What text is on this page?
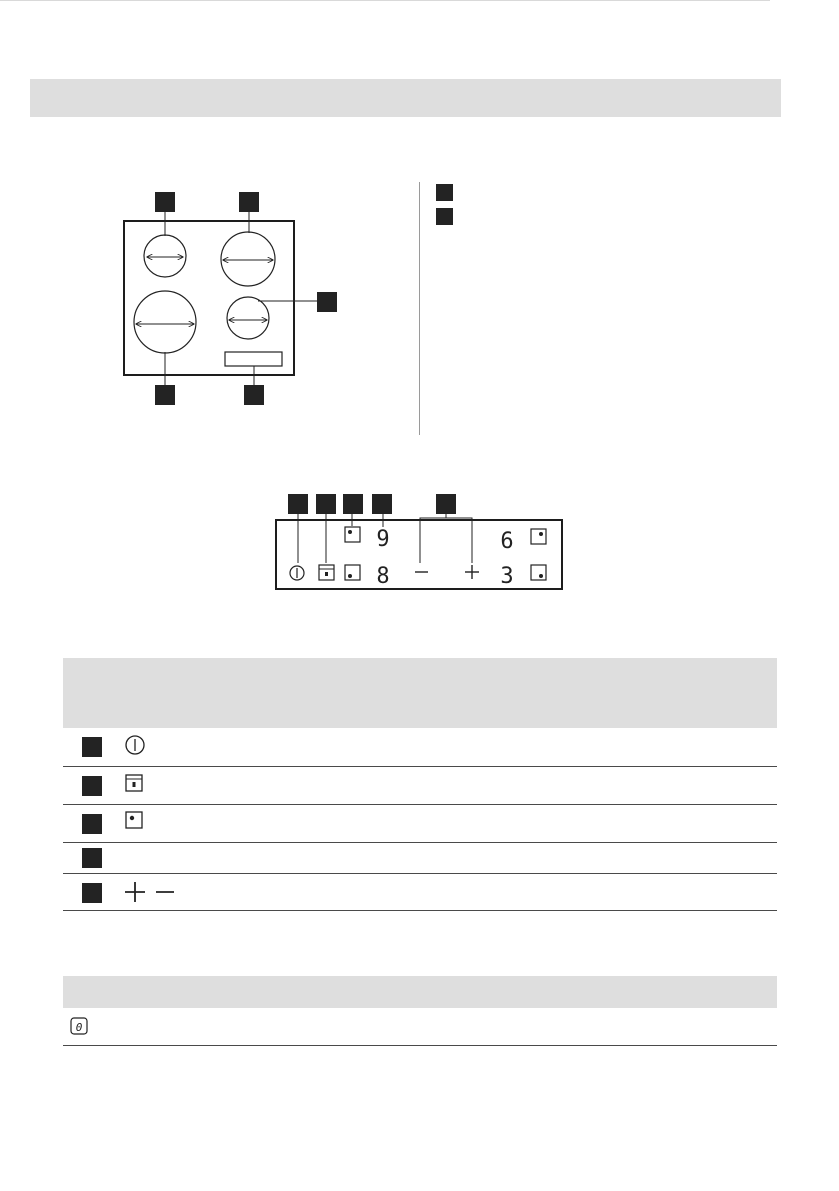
9
8
6
3
0
